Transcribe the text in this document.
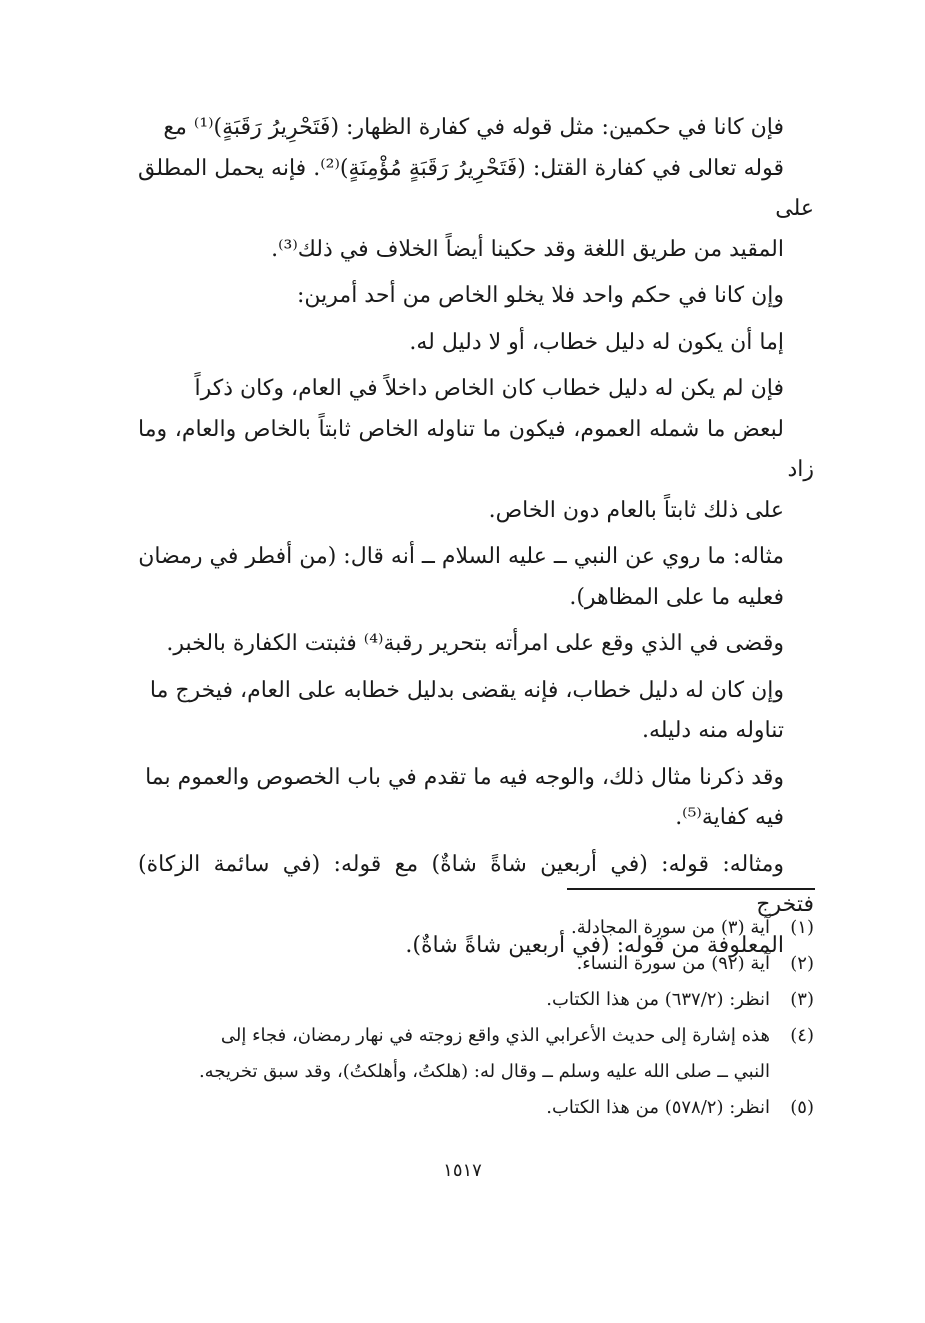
فإن كانا في حكمين: مثل قوله في كفارة الظهار: (فَتَحْرِيرُ رَقَبَةٍ)⁽¹⁾ مع
قوله تعالى في كفارة القتل: (فَتَحْرِيرُ رَقَبَةٍ مُؤْمِنَةٍ)⁽²⁾. فإنه يحمل المطلق على
المقيد من طريق اللغة وقد حكينا أيضاً الخلاف في ذلك⁽³⁾.

وإن كانا في حكم واحد فلا يخلو الخاص من أحد أمرين:

إما أن يكون له دليل خطاب، أو لا دليل له.

فإن لم يكن له دليل خطاب كان الخاص داخلاً في العام، وكان ذكراً
لبعض ما شمله العموم، فيكون ما تناوله الخاص ثابتاً بالخاص والعام، وما زاد
على ذلك ثابتاً بالعام دون الخاص.

مثاله: ما روي عن النبي ــ عليه السلام ــ أنه قال: (من أفطر في رمضان
فعليه ما على المظاهر).

وقضى في الذي وقع على امرأته بتحرير رقبة⁽⁴⁾ فثبتت الكفارة بالخبر.

وإن كان له دليل خطاب، فإنه يقضى بدليل خطابه على العام، فيخرج ما
تناوله منه دليله.

وقد ذكرنا مثال ذلك، والوجه فيه ما تقدم في باب الخصوص والعموم بما
فيه كفاية⁽⁵⁾.

ومثاله: قوله: (في أربعين شاةً شاةٌ) مع قوله: (في سائمة الزكاة) فتخرج
المعلوفة من قوله: (في أربعين شاةً شاةٌ).

(١)
آية (٣) من سورة المجادلة.
(٢)
آية (٩٢) من سورة النساء.
(٣)
انظر: (٦٣٧/٢) من هذا الكتاب.
(٤)
هذه إشارة إلى حديث الأعرابي الذي واقع زوجته في نهار رمضان، فجاء إلى
النبي ــ صلى الله عليه وسلم ــ وقال له: (هلكتُ، وأهلكتُ)، وقد سبق تخريجه.
(٥)
انظر: (٥٧٨/٢) من هذا الكتاب.
١٥١٧
